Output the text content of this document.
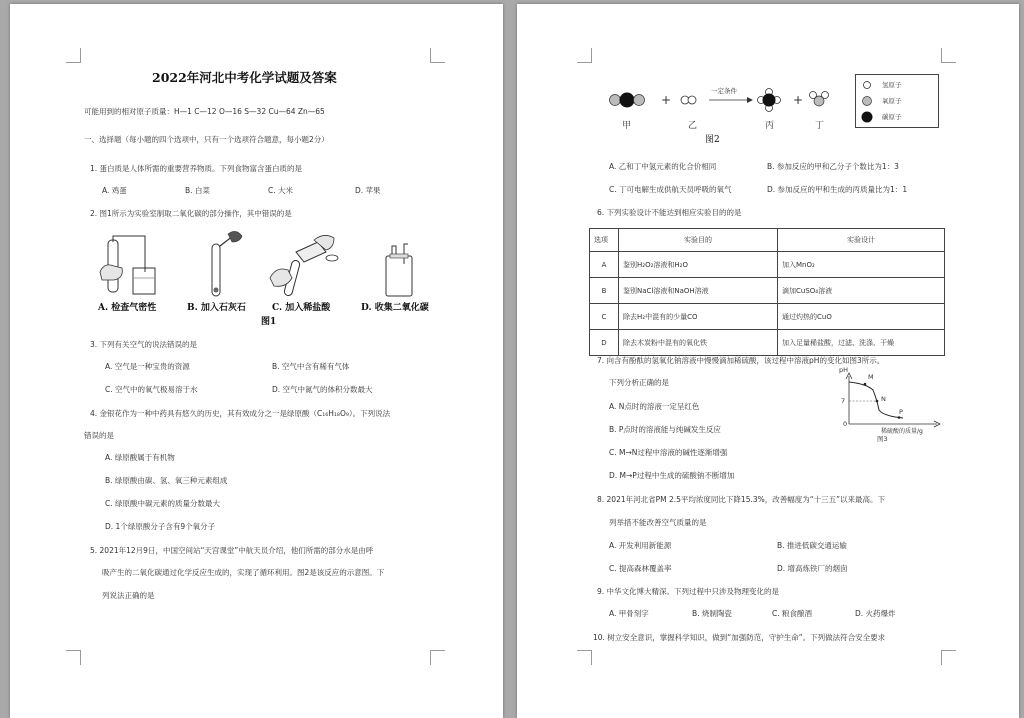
2022年河北中考化学试题及答案
可能用到的相对原子质量：H—1 C—12 O—16 S—32 Cu—64 Zn—65
一、选择题（每小题的四个选项中，只有一个选项符合题意，每小题2分）
1. 蛋白质是人体所需的重要营养物质。下列食物富含蛋白质的是
A. 鸡蛋	B. 白菜	C. 大米	D. 苹果
2. 图1所示为实验室制取二氧化碳的部分操作，其中错误的是
A. 检查气密性	B. 加入石灰石	C. 加入稀盐酸	D. 收集二氧化碳
图1
3. 下列有关空气的说法错误的是
A. 空气是一种宝贵的资源	B. 空气中含有稀有气体
C. 空气中的氧气极易溶于水	D. 空气中氮气的体积分数最大
4. 金银花作为一种中药具有悠久的历史，其有效成分之一是绿原酸（C₁₆H₁₈O₉）。下列说法
错误的是
A. 绿原酸属于有机物
B. 绿原酸由碳、氢、氧三种元素组成
C. 绿原酸中碳元素的质量分数最大
D. 1个绿原酸分子含有9个氧分子
5. 2021年12月9日，中国空间站“天宫课堂”中航天员介绍，他们所需的部分水是由呼
吸产生的二氧化碳通过化学反应生成的，实现了循环利用。图2是该反应的示意图。下
列说法正确的是
+	+
一定条件
甲	乙	丙	丁
图2
氢原子
氧原子
碳原子
A. 乙和丁中氢元素的化合价相同	B. 参加反应的甲和乙分子个数比为1：3
C. 丁可电解生成供航天员呼吸的氧气	D. 参加反应的甲和生成的丙质量比为1：1
6. 下列实验设计不能达到相应实验目的的是
选项	实验目的	实验设计
A	鉴别H₂O₂溶液和H₂O	加入MnO₂
B	鉴别NaCl溶液和NaOH溶液	滴加CuSO₄溶液
C	除去H₂中混有的少量CO	通过灼热的CuO
D	除去木炭粉中混有的氧化铁	加入足量稀盐酸，过滤、洗涤、干燥
7. 向含有酚酞的氢氧化钠溶液中慢慢滴加稀硫酸，该过程中溶液pH的变化如图3所示。
下列分析正确的是
A. N点时的溶液一定呈红色
B. P点时的溶液能与纯碱发生反应
C. M→N过程中溶液的碱性逐渐增强
D. M→P过程中生成的硫酸钠不断增加
pH
7
0
M
N
P
稀硫酸的质量/g
图3
8. 2021年河北省PM 2.5平均浓度同比下降15.3%，改善幅度为“十三五”以来最高。下
列举措不能改善空气质量的是
A. 开发利用新能源	B. 推进低碳交通运输
C. 提高森林覆盖率	D. 增高炼铁厂的烟囱
9. 中华文化博大精深。下列过程中只涉及物理变化的是
A. 甲骨刻字	B. 烧制陶瓷	C. 粮食酿酒	D. 火药爆炸
10. 树立安全意识，掌握科学知识，做到“加强防范，守护生命”。下列做法符合安全要求
